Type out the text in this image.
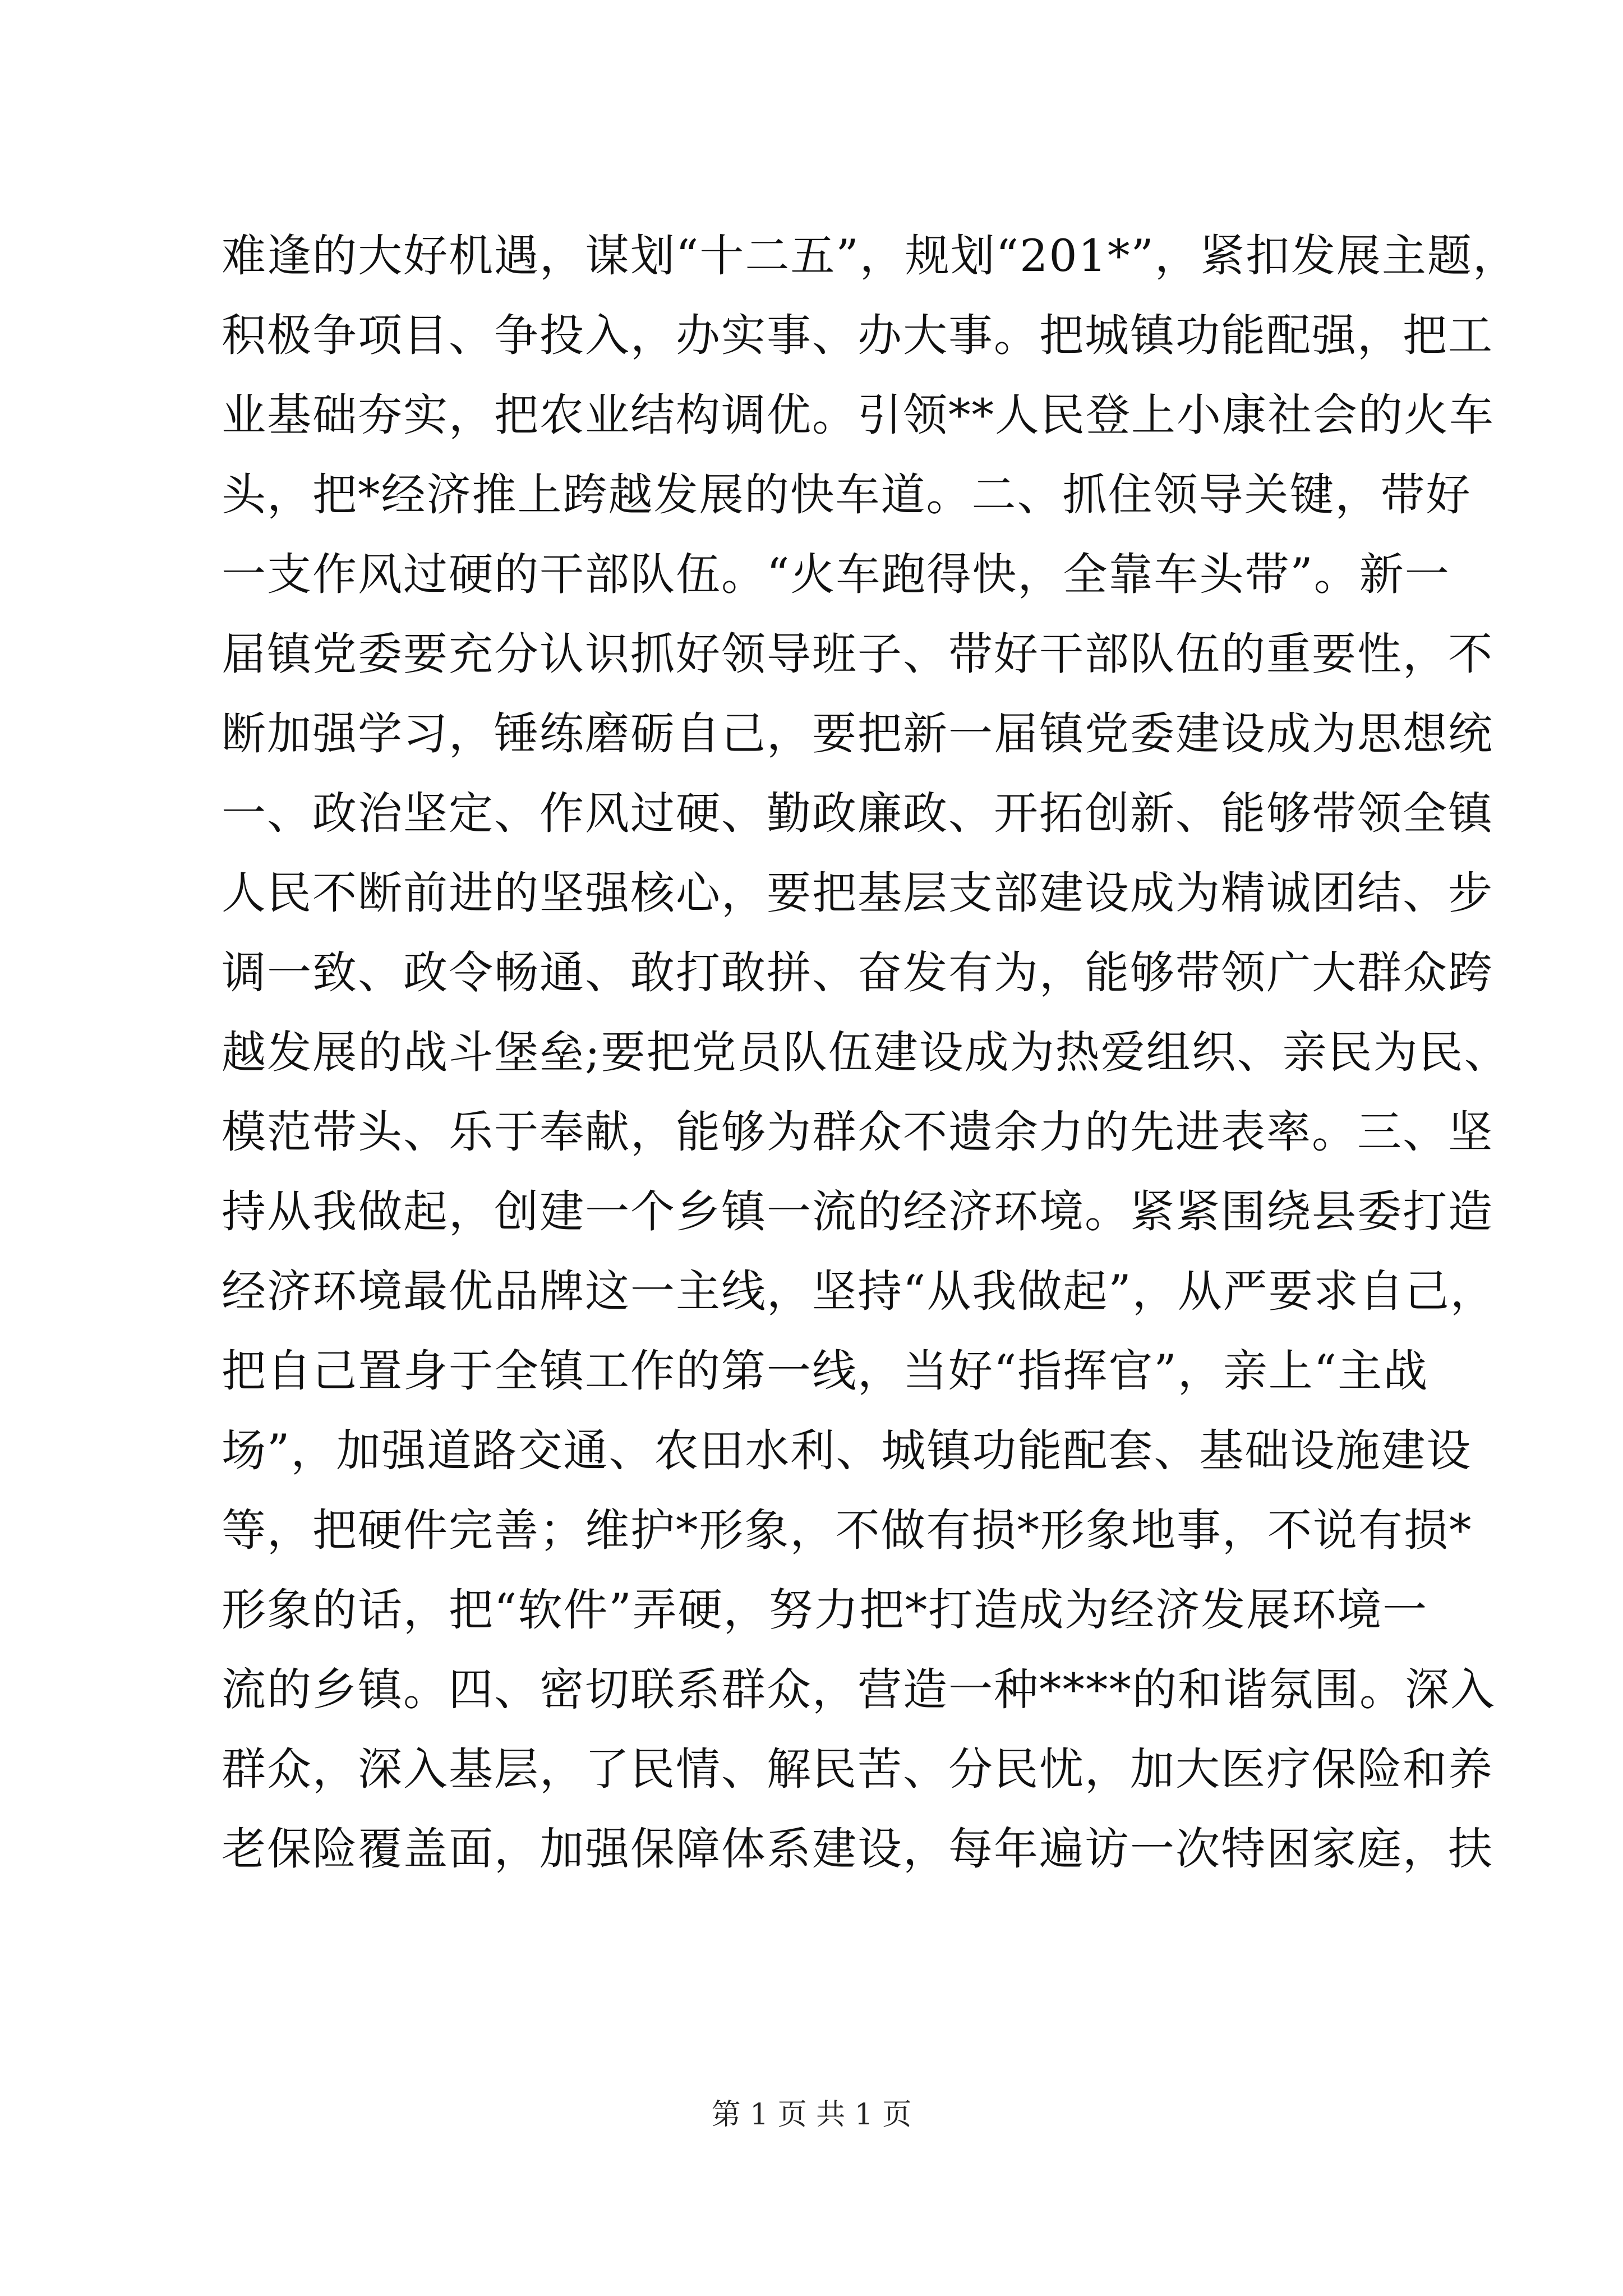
难逢的大好机遇，谋划“十二五”，规划“201*”，紧扣发展主题，
积极争项目、争投入，办实事、办大事。把城镇功能配强，把工
业基础夯实，把农业结构调优。引领**人民登上小康社会的火车
头，把*经济推上跨越发展的快车道。二、抓住领导关键，带好
一支作风过硬的干部队伍。“火车跑得快，全靠车头带”。新一
届镇党委要充分认识抓好领导班子、带好干部队伍的重要性，不
断加强学习，锤练磨砺自己，要把新一届镇党委建设成为思想统
一、政治坚定、作风过硬、勤政廉政、开拓创新、能够带领全镇
人民不断前进的坚强核心，要把基层支部建设成为精诚团结、步
调一致、政令畅通、敢打敢拼、奋发有为，能够带领广大群众跨
越发展的战斗堡垒;要把党员队伍建设成为热爱组织、亲民为民、
模范带头、乐于奉献，能够为群众不遗余力的先进表率。三、坚
持从我做起，创建一个乡镇一流的经济环境。紧紧围绕县委打造
经济环境最优品牌这一主线，坚持“从我做起”，从严要求自己，
把自己置身于全镇工作的第一线，当好“指挥官”，亲上“主战
场”，加强道路交通、农田水利、城镇功能配套、基础设施建设
等，把硬件完善；维护*形象，不做有损*形象地事，不说有损*
形象的话，把“软件”弄硬，努力把*打造成为经济发展环境一
流的乡镇。四、密切联系群众，营造一种****的和谐氛围。深入
群众，深入基层，了民情、解民苦、分民忧，加大医疗保险和养
老保险覆盖面，加强保障体系建设，每年遍访一次特困家庭，扶
第 1 页 共 1 页
